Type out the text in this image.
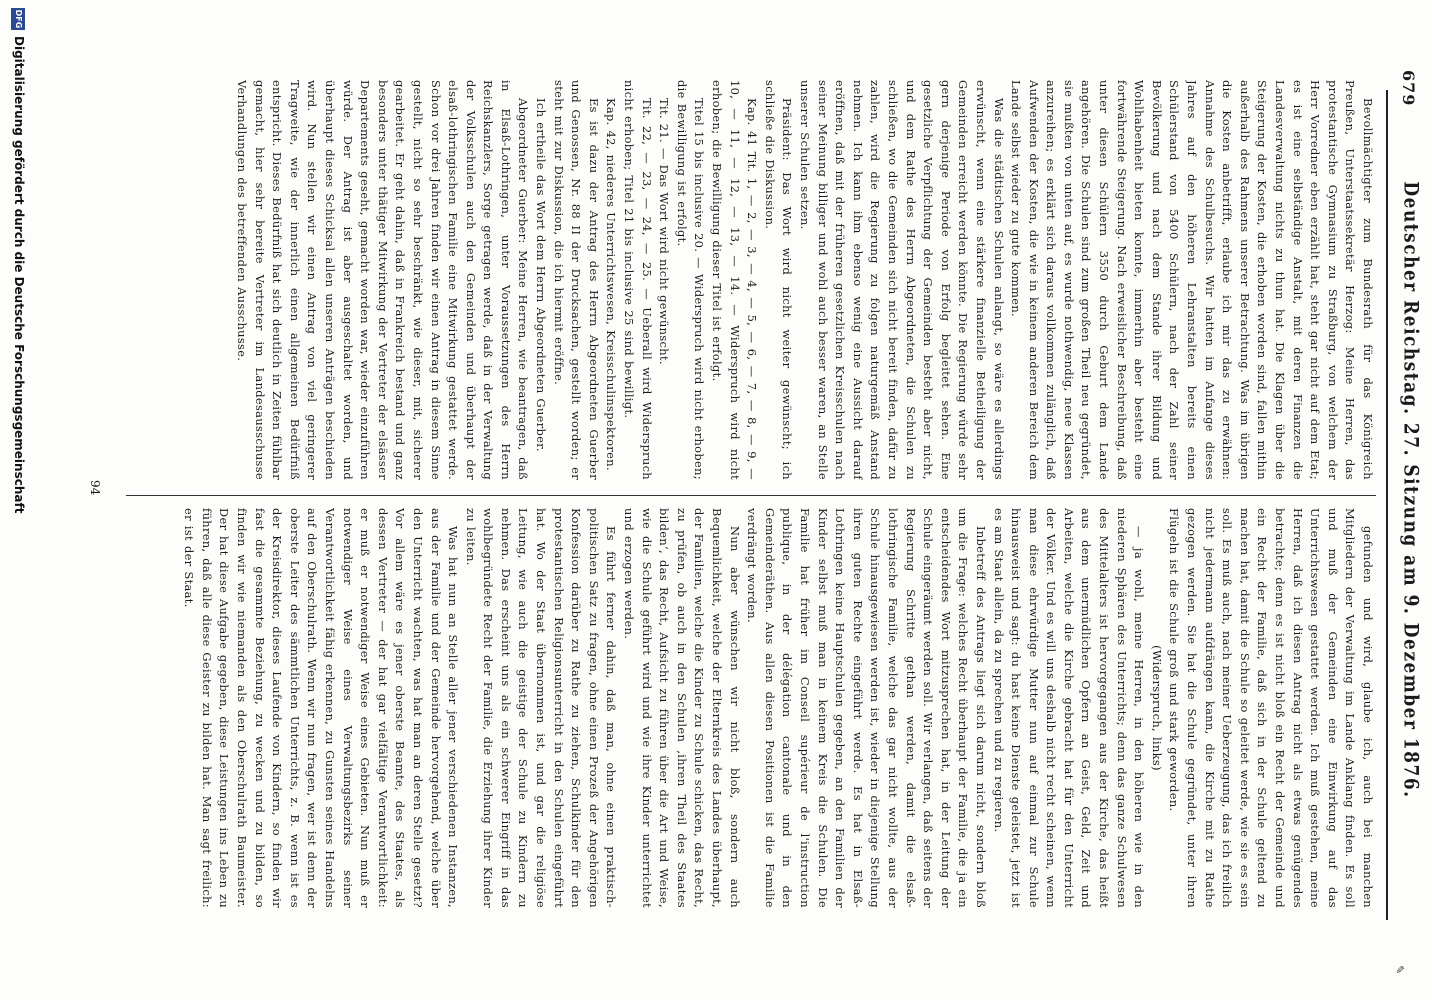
✎
679
Deutscher Reichstag. 27. Sitzung am 9. Dezember 1876.

Bevollmächtigter zum Bundesrath für das Königreich Preußen, Unterstaatssekretär Herzog: Meine Herren, das protestantische Gymnasium zu Straßburg, von welchem der Herr Vorredner eben erzählt hat, steht gar nicht auf dem Etat; es ist eine selbständige Anstalt, mit deren Finanzen die Landesverwaltung nichts zu thun hat. Die Klagen über die Steigerung der Kosten, die erhoben worden sind, fallen mithin außerhalb des Rahmens unserer Betrachtung. Was im übrigen die Kosten anbetrifft, erlaube ich mir das zu erwähnen: Annahme des Schulbesuchs. Wir hatten im Anfange dieses Jahres auf den höheren Lehranstalten bereits einen Schülerstand von 5400 Schülern, nach der Zahl seiner Bevölkerung und nach dem Stande ihrer Bildung und Wohlhabenheit bieten konnte, immerhin aber besteht eine fortwährende Steigerung. Nach erweislicher Beschreibung, daß unter diesen Schülern 3550 durch Geburt dem Lande angehören. Die Schulen sind zum großen Theil neu gegründet, sie mußten von unten auf, es wurde nothwendig, neue Klassen anzureihen; es erklärt sich daraus vollkommen zulänglich, daß Aufwenden der Kosten, die wie in keinem anderen Bereich dem Lande selbst wieder zu gute kommen.

Was die städtischen Schulen anlangt, so wäre es allerdings erwünscht, wenn eine stärkere finanzielle Betheiligung der Gemeinden erreicht werden könnte. Die Regierung würde sehr gern derjenige Periode von Erfolg begleitet sehen. Eine gesetzliche Verpflichtung der Gemeinden besteht aber nicht, und dem Rathe des Herrn Abgeordneten, die Schulen zu schließen, wo die Gemeinden sich nicht bereit finden, dafür zu zahlen, wird die Regierung zu folgen naturgemäß Anstand nehmen. Ich kann ihm ebenso wenig eine Aussicht darauf eröffnen, daß mit der früheren gesetzlichen Kreisschulen nach seiner Meinung billiger und wohl auch besser waren, an Stelle unserer Schulen setzen.

Präsident: Das Wort wird nicht weiter gewünscht; ich schließe die Diskussion.

Kap. 41 Tit. 1, — 2, — 3, — 4, — 5, — 6, — 7, — 8, — 9, — 10, — 11, — 12, — 13, — 14. — Widerspruch wird nicht erhoben; die Bewilligung dieser Titel ist erfolgt.

Titel 15 bis inclusive 20. — Widerspruch wird nicht erhoben; die Bewilligung ist erfolgt.

Tit. 21. — Das Wort wird nicht gewünscht.

Tit. 22, — 23, — 24, — 25. — Ueberall wird Widerspruch nicht erhoben; Titel 21 bis inclusive 25 sind bewilligt.

Kap. 42, niederes Unterrichtswesen, Kreisschulinspektoren.

Es ist dazu der Antrag des Herrn Abgeordneten Guerber und Genossen, Nr. 88 II der Drucksachen, gestellt worden; er steht mit zur Diskussion, die ich hiermit eröffne.

Ich ertheile das Wort dem Herrn Abgeordneten Guerber.

Abgeordneter Guerber: Meine Herren, wie beantragen, daß in Elsaß-Lothringen, unter Voraussetzungen des Herrn Reichskanzlers, Sorge getragen werde, daß in der Verwaltung der Volksschulen auch den Gemeinden und überhaupt der elsaß-lothringischen Familie eine Mitwirkung gestattet werde. Schon vor drei Jahren finden wir einen Antrag in diesem Sinne gestellt, nicht so sehr beschränkt, wie dieser, mit, sicherer gearbeitet. Er geht dahin, daß in Frankreich bestand und ganz besonders unter thätiger Mitwirkung der Vertreter der elsässer Departements geseht, gemacht worden war, wieder einzuführen würde. Der Antrag ist aber ausgeschaltet worden, und überhaupt dieses Schicksal allen unseren Anträgen beschieden wird. Nun stellen wir einen Antrag von viel geringerer Tragweite, wie der innerlich einen allgemeinen Bedürfniß entspricht. Dieses Bedürfniß hat sich deutlich in Zeiten fühlbar gemacht, hier sehr bereite Vertreter im Landesausschusse Verhandlungen des betreffenden Ausschusse.

gefunden und wird, glaube ich, auch bei manchen Mitgliedern der Verwaltung im Lande Anklang finden. Es soll und muß der Gemeinden eine Einwirkung auf das Unterrichtswesen gestattet werden. Ich muß gestehen, meine Herren, daß ich diesen Antrag nicht als etwas genügendes betrachte; denn es ist nicht bloß ein Recht der Gemeinde und ein Recht der Familie, daß sich in der Schule geltend zu machen hat, damit die Schule so geleitet werde, wie sie es sein soll. Es muß auch, nach meiner Ueberzeugung, das ich freilich nicht jedermann aufdrängen kann, die Kirche mit zu Rathe gezogen werden. Sie hat die Schule gegründet, unter ihren Flügeln ist die Schule groß und stark geworden.

(Widerspruch, links)

— ja wohl, meine Herren, in den höheren wie in den niederen Sphären des Unterrichts; denn das ganze Schulwesen des Mittelalters ist hervorgegangen aus der Kirche, das heißt aus dem unermüdlichen Opfern an Geist, Geld, Zeit und Arbeiten, welche die Kirche gebracht hat für den Unterricht der Völker. Und es will uns deshalb nicht recht scheinen, wenn man diese ehrwürdige Mutter nun auf einmal zur Schule hinausweist und sagt: du hast keine Dienste geleistet, jetzt ist es am Staat allein, da zu sprechen und zu regieren.

Inbetreff des Antrags liegt sich darum nicht, sondern bloß um die Frage: welches Recht überhaupt der Familie, die ja ein entscheidendes Wort mitzusprechen hat, in der Leitung der Schule eingeräumt werden soll. Wir verlangen, daß seitens der Regierung Schritte gethan werden, damit die elsaß-lothringische Familie, welche das gar nicht wollte, aus der Schule hinausgewiesen werden ist, wieder in diejenige Stellung ihren guten Rechte eingeführt werde. Es hat in Elsaß-Lothringen keine Hauptschulen gegeben, an den Familien der Kinder selbst muß man in keinem Kreis die Schulen. Die Familie hat früher im Conseil supérieur de l'instruction publique, in der délégation cantonale und in den Gemeinderäthen. Aus allen diesen Positionen ist die Familie verdrängt worden.

Nun aber wünschen wir nicht bloß, sondern auch Bequemlichkeit, welche der Elternkreis des Landes überhaupt, der Familien, welche die Kinder zu Schule schicken, das Recht, zu prüfen, ob auch in den Schulen ‚ihren Theil des Staates bilden‘, das Recht, Aufsicht zu führen über die Art und Weise, wie die Schule geführt wird und wie ihre Kinder unterrichtet und erzogen werden.

Es führt ferner dahin, daß man, ohne einen praktisch-politischen Satz zu fragen, ohne einen Prozeß der Angehörigen Konfession darüber zu Rathe zu ziehen, Schulkinder für den protestantischen Religionsunterricht in den Schulen eingeführt hat. Wo der Staat übernommen ist, und gar die religiöse Leitung, wie auch die geistige der Schule zu Kindern zu nehmen. Das erscheint uns als ein schwerer Eingriff in das wohlbegründete Recht der Familie, die Erziehung ihrer Kinder zu leiten.

Was hat nun an Stelle aller jener verschiedenen Instanzen, aus der Familie und der Gemeinde hervorgehend, welche über den Unterricht wachten, was hat man an deren Stelle gesetzt? Vor allem wäre es jener oberste Beamte, des Staates, als dessen Vertreter — der hat gar vielfältige Verantwortlichkeit: er muß er notwendiger Weise eines Gebieten. Nun muß er notwendiger Weise eines Verwaltungsbezirks seiner Verantwortlichkeit fähig erkennen, zu Gunsten seines Handelns auf den Oberschulrath. Wenn wir nun fragen, wer ist denn der oberste Leiter des sämmtlichen Unterrichts, z. B. wenn ist es der Kreisdirektor, dieses Laufende von Kindern, so finden wir fast die gesammte Beziehung, zu wecken und zu bilden, so finden wir wie niemanden als den Oberschulrath Baumeister. Der hat diese Aufgabe gegeben, diese Leistungen ins Leben zu führen, daß alle diese Geister zu bilden hat. Man sagt freilich: er ist der Staat.

94
DFG
Digitalisierung gefördert durch die Deutsche Forschungsgemeinschaft
